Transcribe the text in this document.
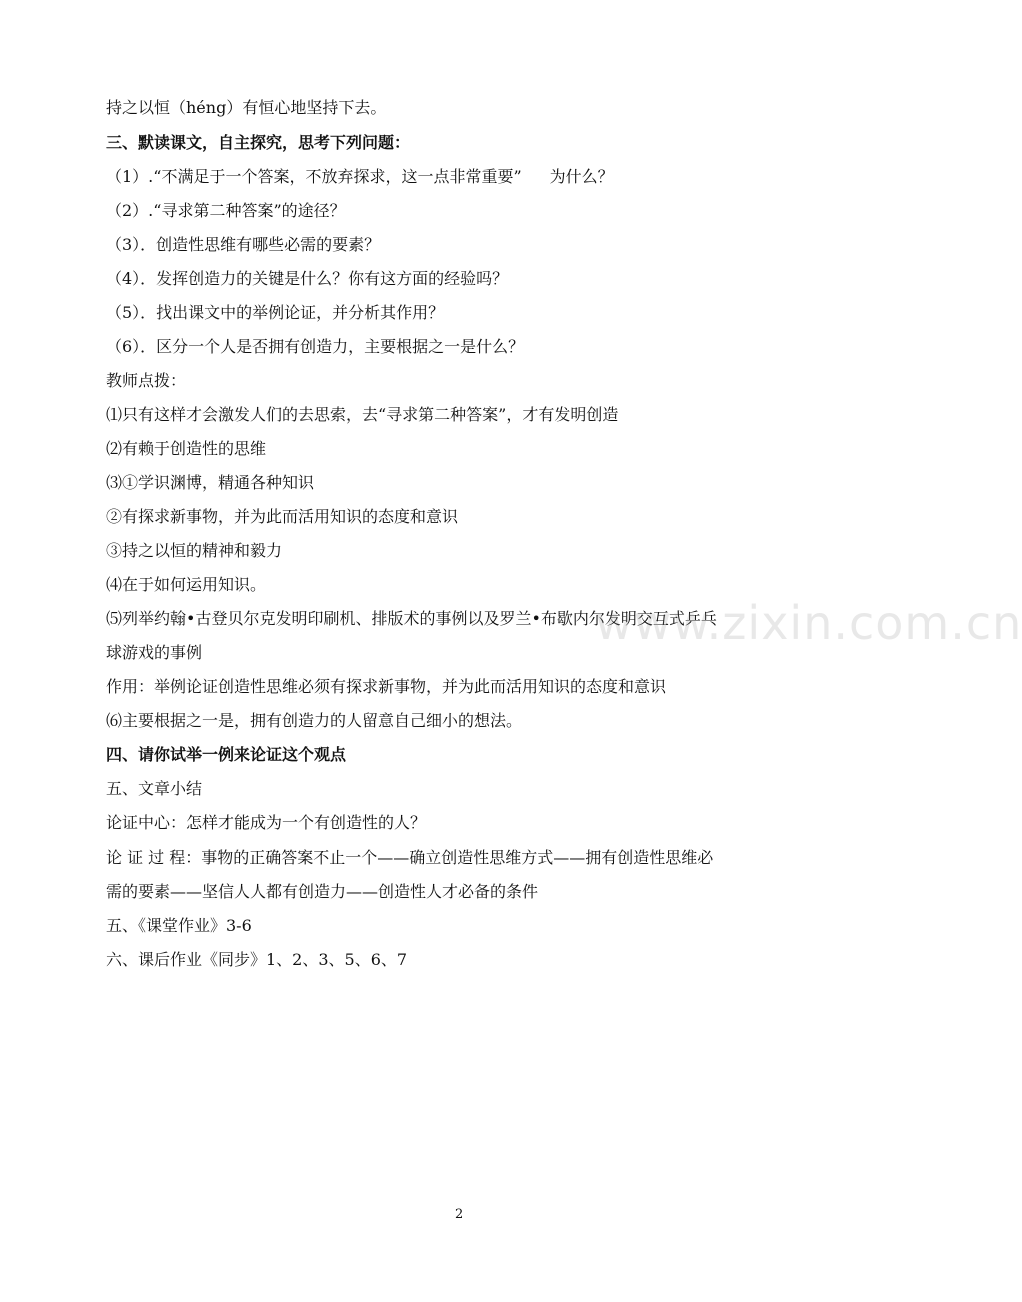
持之以恒（héng）有恒心地坚持下去。
三、默读课文，自主探究，思考下列问题：
（1）.“不满足于一个答案，不放弃探求，这一点非常重要” 为什么？
（2）.“寻求第二种答案”的途径？
（3）．创造性思维有哪些必需的要素？
（4）．发挥创造力的关键是什么？你有这方面的经验吗？
（5）．找出课文中的举例论证，并分析其作用？
（6）．区分一个人是否拥有创造力，主要根据之一是什么？
教师点拨：
⑴只有这样才会激发人们的去思索，去“寻求第二种答案”，才有发明创造
⑵有赖于创造性的思维
⑶①学识渊博，精通各种知识
②有探求新事物，并为此而活用知识的态度和意识
③持之以恒的精神和毅力
⑷在于如何运用知识。
⑸列举约翰•古登贝尔克发明印刷机、排版术的事例以及罗兰•布歇内尔发明交互式乒乓
球游戏的事例
作用：举例论证创造性思维必须有探求新事物，并为此而活用知识的态度和意识
⑹主要根据之一是，拥有创造力的人留意自己细小的想法。
四、请你试举一例来论证这个观点
五、文章小结
论证中心：怎样才能成为一个有创造性的人？
论 证 过 程：事物的正确答案不止一个——确立创造性思维方式——拥有创造性思维必
需的要素——坚信人人都有创造力——创造性人才必备的条件
五、《课堂作业》3-6
六、课后作业《同步》1、2、3、5、6、7
www.zixin.com.cn
2
